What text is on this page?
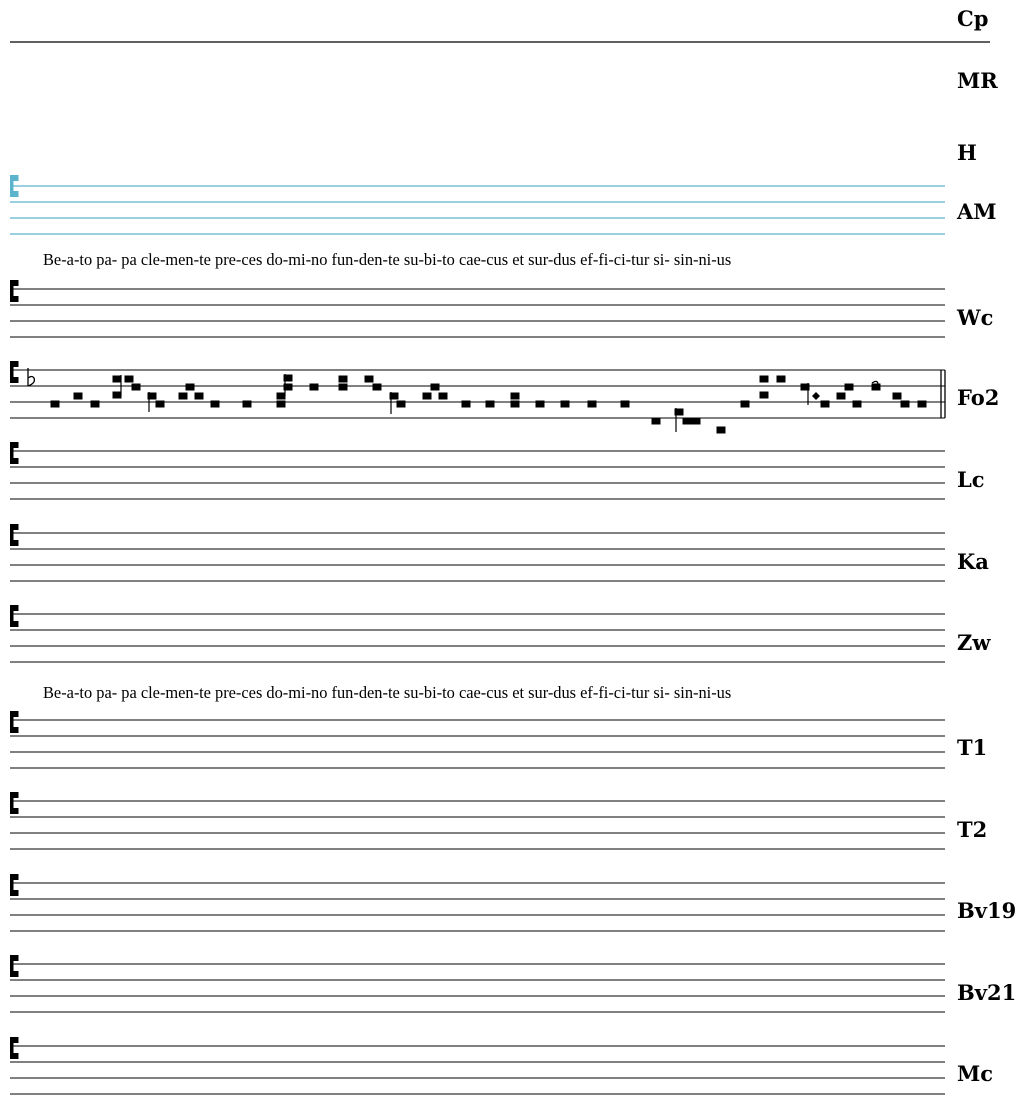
Be-a-to pa- pa cle-men-te pre-ces do-mi-no fun-den-te su-bi-to cae-cus et sur-dus ef-fi-ci-tur si- sin-ni-us
Be-a-to pa- pa cle-men-te pre-ces do-mi-no fun-den-te su-bi-to cae-cus et sur-dus ef-fi-ci-tur si- sin-ni-us
Cp
MR
H
AM
Wc
Fo2
Lc
Ka
Zw
T1
T2
Bv19
Bv21
Mc
